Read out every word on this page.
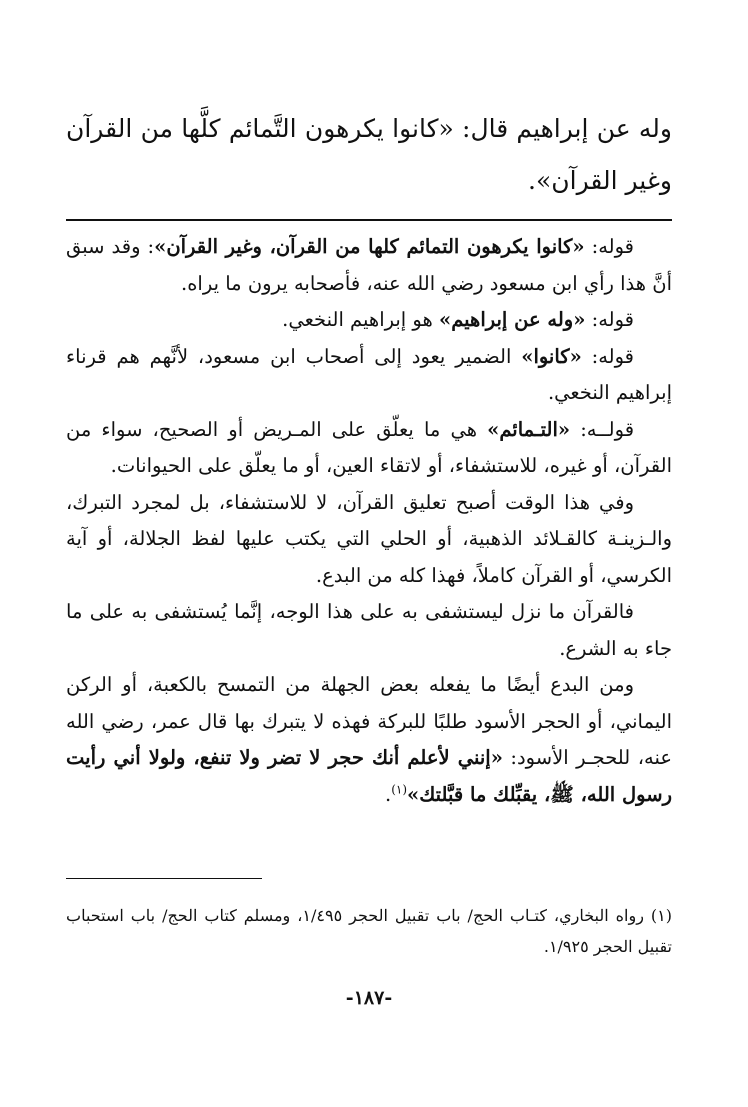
وله عن إبراهيم قال: «كانوا يكرهون التَّمائم كلَّها من القرآن وغير القرآن».

قوله: «كانوا يكرهون التمائم كلها من القرآن، وغير القرآن»: وقد سبق أنَّ هذا رأي ابن مسعود رضي الله عنه، فأصحابه يرون ما يراه.

قوله: «وله عن إبراهيم» هو إبراهيم النخعي.

قوله: «كانوا» الضمير يعود إلى أصحاب ابن مسعود، لأنَّهم هم قرناء إبراهيم النخعي.

قولــه: «التـمائم» هي ما يعلّق على المـريض أو الصحيح، سواء من القرآن، أو غيره، للاستشفاء، أو لاتقاء العين، أو ما يعلّق على الحيوانات.

وفي هذا الوقت أصبح تعليق القرآن، لا للاستشفاء، بل لمجرد التبرك، والـزينـة كالقـلائد الذهبية، أو الحلي التي يكتب عليها لفظ الجلالة، أو آية الكرسي، أو القرآن كاملاً، فهذا كله من البدع.

فالقرآن ما نزل ليستشفى به على هذا الوجه، إنَّما يُستشفى به على ما جاء به الشرع.

ومن البدع أيضًا ما يفعله بعض الجهلة من التمسح بالكعبة، أو الركن اليماني، أو الحجر الأسود طلبًا للبركة فهذه لا يتبرك بها قال عمر، رضي الله عنه، للحجـر الأسود: «إنني لأعلم أنك حجر لا تضر ولا تنفع، ولولا أني رأيت رسول الله، ﷺ، يقبِّلك ما قبَّلتك»$^{(١)}$.

(١) رواه البخاري، كتـاب الحج/ باب تقبيل الحجر ١/٤٩٥، ومسلم كتاب الحج/ باب استحباب تقبيل الحجر ١/٩٢٥.

-١٨٧-
